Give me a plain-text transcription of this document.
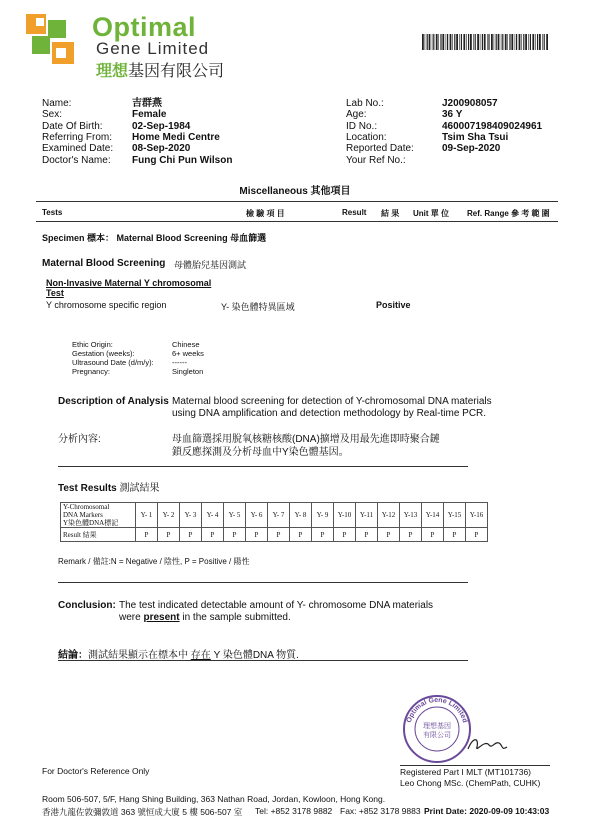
Optimal
Gene Limited
理想基因有限公司
Name:	吉群燕
Sex:	Female
Date Of Birth:	02-Sep-1984
Referring From: Home Medi Centre
Examined Date: 08-Sep-2020
Doctor's Name: Fung Chi Pun Wilson
Lab No.:	J200908057
Age:	36 Y
ID No.:	460007198409024961
Location:	Tsim Sha Tsui
Reported Date:	09-Sep-2020
Your Ref No.:
Miscellaneous 其他項目
Tests	檢 驗 項 目	Result 結 果 Unit 單 位 Ref. Range 參 考 範 圍
Specimen 標本： Maternal Blood Screening 母血篩選
Maternal Blood Screening 母體胎兒基因測試
Non-Invasive Maternal Y chromosomal
Test
Y chromosome specific region	Y- 染色體特異區域	Positive
Ethic Origin:	Chinese
Gestation (weeks):	6+ weeks
Ultrasound Date (d/m/y): ------
Pregnancy:	Singleton
Description of Analysis Maternal blood screening for detection of Y-chromosomal DNA materials
using DNA amplification and detection methodology by Real-time PCR.
分析內容:	母血篩選採用脫氧核糖核酸(DNA)擴增及用最先進即時聚合鏈
鎖反應探測及分析母血中Y染色體基因。
Test Results 測試結果
Y-Chromosomal
DNA Markers
Y染色體DNA標記	Y- 1	Y- 2	Y- 3	Y- 4	Y- 5	Y- 6	Y- 7	Y- 8	Y- 9	Y-10	Y-11	Y-12	Y-13	Y-14	Y-15	Y-16
Result 結果	P	P	P	P	P	P	P	P	P	P	P	P	P	P	P	P
Remark / 備註:N = Negative / 陰性, P = Positive / 陽性
Conclusion: The test indicated detectable amount of Y- chromosome DNA materials
were present in the sample submitted.
結論：測試結果顯示在標本中 存在 Y 染色體DNA 物質.
Optimal Gene Limited
理想基因
有限公司
For Doctor's Reference Only	Registered Part I MLT (MT101736)
Leo Chong MSc. (ChemPath, CUHK)
Room 506-507, 5/F, Hang Shing Building, 363 Nathan Road, Jordan, Kowloon, Hong Kong.
香港九龍佐敦彌敦道 363 號恒成大廈 5 樓 506-507 室 Tel: +852 3178 9882 Fax: +852 3178 9883 Print Date: 2020-09-09 10:43:03
